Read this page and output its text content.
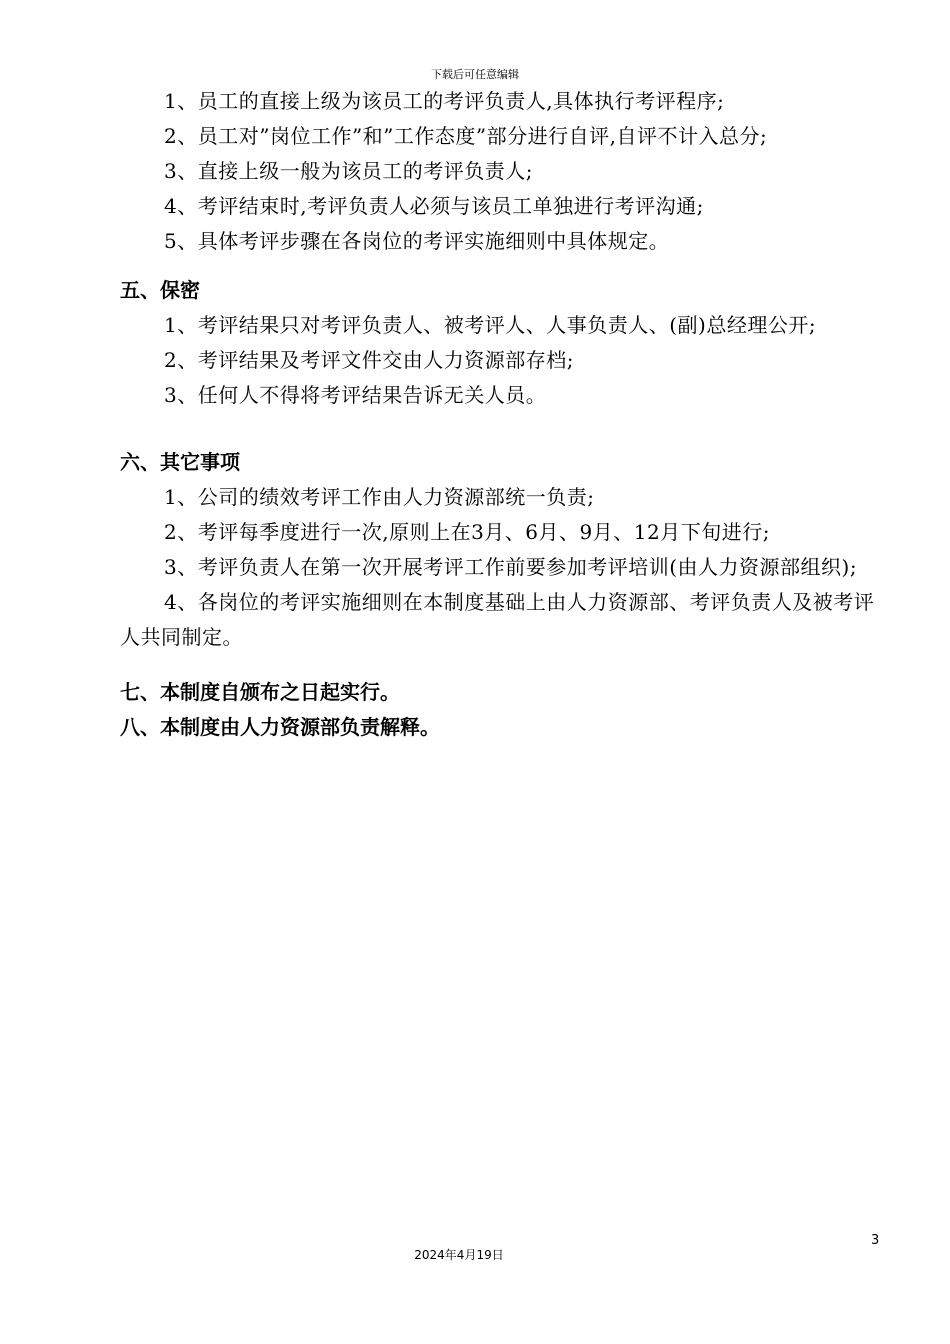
下载后可任意编辑

1、员工的直接上级为该员工的考评负责人,具体执行考评程序;

2、员工对”岗位工作”和”工作态度”部分进行自评,自评不计入总分;

3、直接上级一般为该员工的考评负责人;

4、考评结束时,考评负责人必须与该员工单独进行考评沟通;

5、具体考评步骤在各岗位的考评实施细则中具体规定。

五、保密

1、考评结果只对考评负责人、被考评人、人事负责人、(副)总经理公开;

2、考评结果及考评文件交由人力资源部存档;

3、任何人不得将考评结果告诉无关人员。

六、其它事项

1、公司的绩效考评工作由人力资源部统一负责;

2、考评每季度进行一次,原则上在3月、6月、9月、12月下旬进行;

3、考评负责人在第一次开展考评工作前要参加考评培训(由人力资源部组织);

4、各岗位的考评实施细则在本制度基础上由人力资源部、考评负责人及被考评人共同制定。

七、本制度自颁布之日起实行。

八、本制度由人力资源部负责解释。

3
2024年4月19日
